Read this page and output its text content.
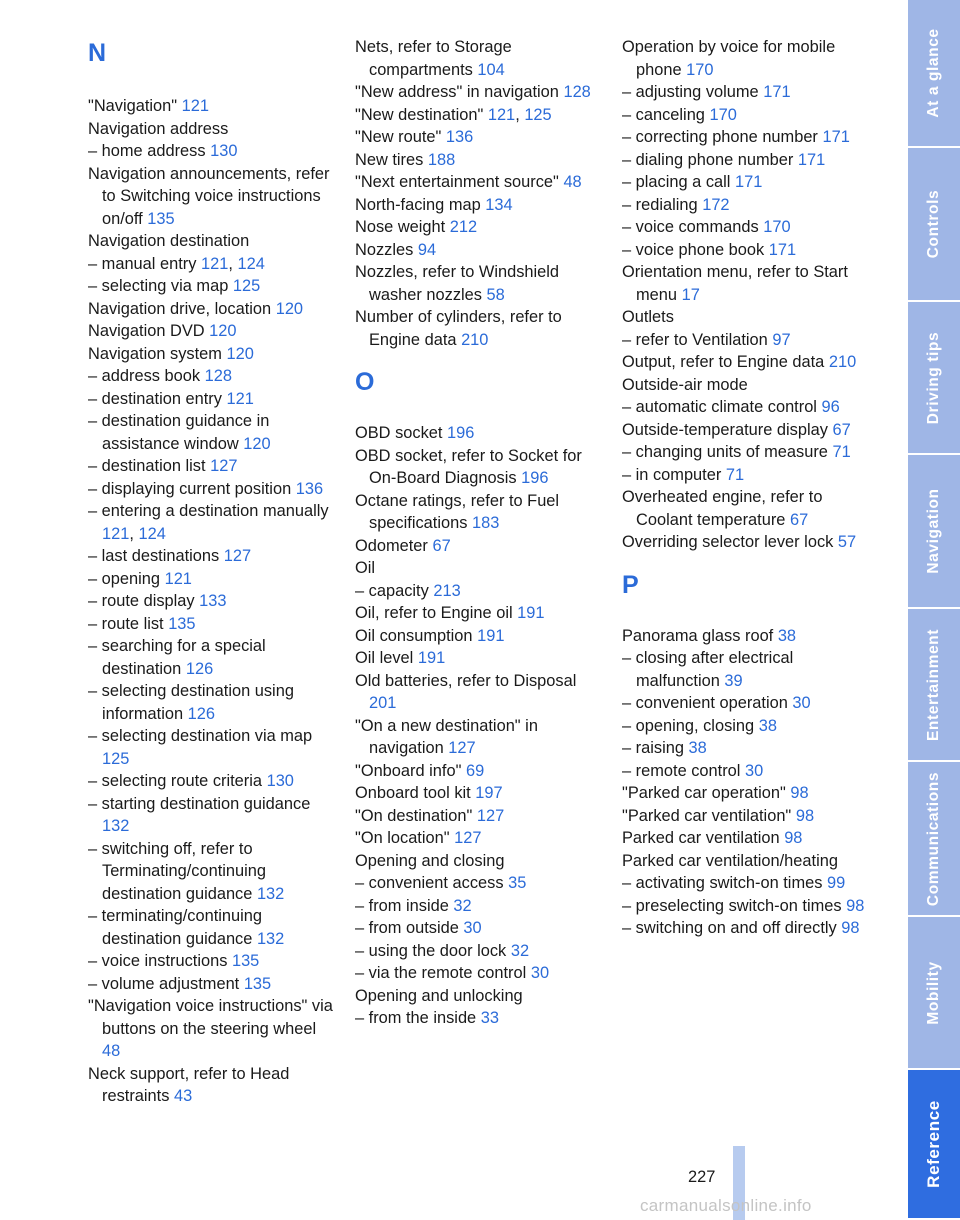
N
"Navigation" 121
Navigation address
– home address 130
Navigation announcements, refer to Switching voice instructions on/off 135
Navigation destination
– manual entry 121, 124
– selecting via map 125
Navigation drive, location 120
Navigation DVD 120
Navigation system 120
– address book 128
– destination entry 121
– destination guidance in assistance window 120
– destination list 127
– displaying current position 136
– entering a destination manually 121, 124
– last destinations 127
– opening 121
– route display 133
– route list 135
– searching for a special destination 126
– selecting destination using information 126
– selecting destination via map 125
– selecting route criteria 130
– starting destination guidance 132
– switching off, refer to Terminating/continuing destination guidance 132
– terminating/continuing destination guidance 132
– voice instructions 135
– volume adjustment 135
"Navigation voice instructions" via buttons on the steering wheel 48
Neck support, refer to Head restraints 43
Nets, refer to Storage compartments 104
"New address" in navigation 128
"New destination" 121, 125
"New route" 136
New tires 188
"Next entertainment source" 48
North-facing map 134
Nose weight 212
Nozzles 94
Nozzles, refer to Windshield washer nozzles 58
Number of cylinders, refer to Engine data 210
O
OBD socket 196
OBD socket, refer to Socket for On-Board Diagnosis 196
Octane ratings, refer to Fuel specifications 183
Odometer 67
Oil
– capacity 213
Oil, refer to Engine oil 191
Oil consumption 191
Oil level 191
Old batteries, refer to Disposal 201
"On a new destination" in navigation 127
"Onboard info" 69
Onboard tool kit 197
"On destination" 127
"On location" 127
Opening and closing
– convenient access 35
– from inside 32
– from outside 30
– using the door lock 32
– via the remote control 30
Opening and unlocking
– from the inside 33
Operation by voice for mobile phone 170
– adjusting volume 171
– canceling 170
– correcting phone number 171
– dialing phone number 171
– placing a call 171
– redialing 172
– voice commands 170
– voice phone book 171
Orientation menu, refer to Start menu 17
Outlets
– refer to Ventilation 97
Output, refer to Engine data 210
Outside-air mode
– automatic climate control 96
Outside-temperature display 67
– changing units of measure 71
– in computer 71
Overheated engine, refer to Coolant temperature 67
Overriding selector lever lock 57
P
Panorama glass roof 38
– closing after electrical malfunction 39
– convenient operation 30
– opening, closing 38
– raising 38
– remote control 30
"Parked car operation" 98
"Parked car ventilation" 98
Parked car ventilation 98
Parked car ventilation/heating
– activating switch-on times 99
– preselecting switch-on times 98
– switching on and off directly 98
At a glance
Controls
Driving tips
Navigation
Entertainment
Communications
Mobility
Reference
227
carmanualsonline.info
